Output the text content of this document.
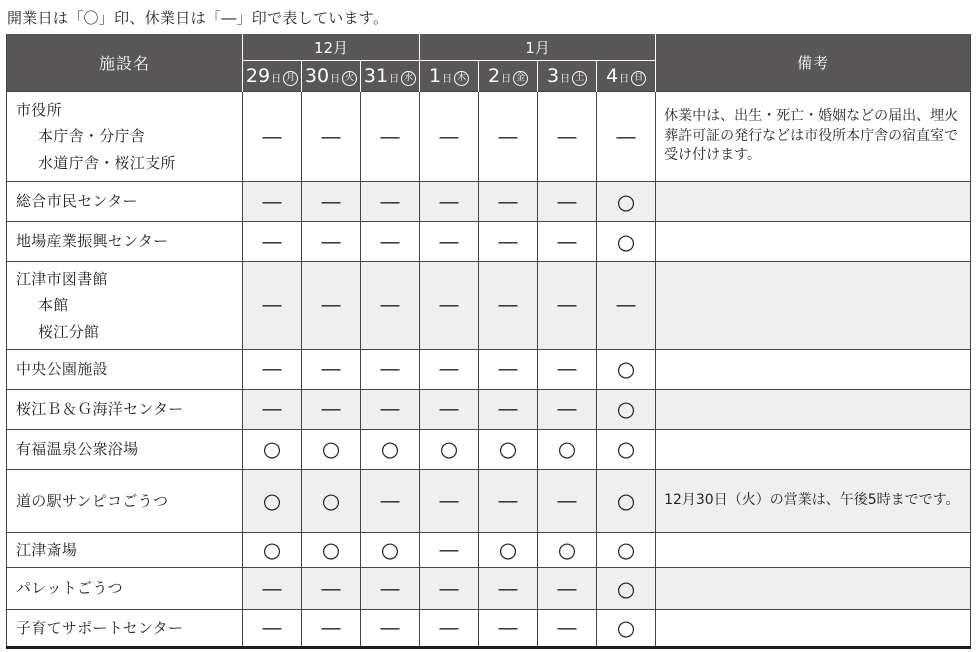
開業日は「〇」印、休業日は「―」印で表しています。

施設名	12月			1月				備考
	29日 月	30日 火	31日 水	1日 木	2日 金	3日 土	4日 日	

市役所
本庁舎・分庁舎
水道庁舎・桜江支所	―	―	―	―	―	―	―	休業中は、出生・死亡・婚姻などの届出、埋火葬許可証の発行などは市役所本庁舎の宿直室で受け付けます。

総合市民センター	―	―	―	―	―	―	○	

地場産業振興センター	―	―	―	―	―	―	○	

江津市図書館
本館
桜江分館	―	―	―	―	―	―	―	

中央公園施設	―	―	―	―	―	―	○	

桜江Ｂ＆Ｇ海洋センター	―	―	―	―	―	―	○	

有福温泉公衆浴場	○	○	○	○	○	○	○	

道の駅サンピコごうつ	○	○	―	―	―	―	○	12月30日（火）の営業は、午後5時までです。

江津斎場	○	○	○	―	○	○	○	

パレットごうつ	―	―	―	―	―	―	○	

子育てサポートセンター	―	―	―	―	―	―	○	
